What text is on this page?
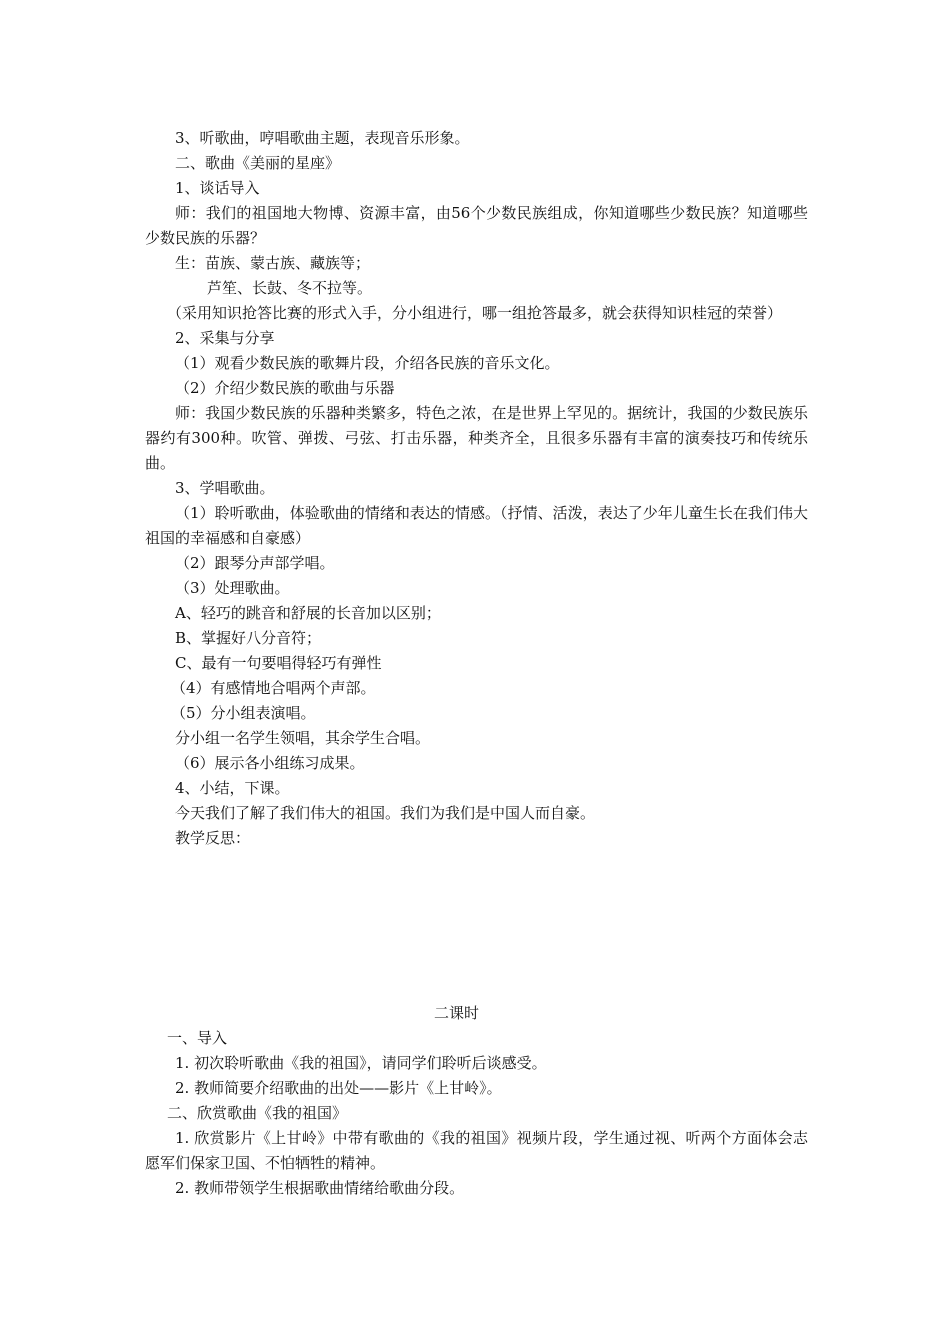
3、听歌曲，哼唱歌曲主题，表现音乐形象。
二、歌曲《美丽的星座》
1、谈话导入
师：我们的祖国地大物博、资源丰富，由56个少数民族组成，你知道哪些少数民族？知道哪些少数民族的乐器？
生：苗族、蒙古族、藏族等；
芦笙、长鼓、冬不拉等。
（采用知识抢答比赛的形式入手，分小组进行，哪一组抢答最多，就会获得知识桂冠的荣誉）
2、采集与分享
（1）观看少数民族的歌舞片段，介绍各民族的音乐文化。
（2）介绍少数民族的歌曲与乐器
师：我国少数民族的乐器种类繁多，特色之浓，在是世界上罕见的。据统计，我国的少数民族乐器约有300种。吹管、弹拨、弓弦、打击乐器，种类齐全，且很多乐器有丰富的演奏技巧和传统乐曲。
3、学唱歌曲。
（1）聆听歌曲，体验歌曲的情绪和表达的情感。（抒情、活泼，表达了少年儿童生长在我们伟大祖国的幸福感和自豪感）
（2）跟琴分声部学唱。
（3）处理歌曲。
A、轻巧的跳音和舒展的长音加以区别；
B、掌握好八分音符；
C、最有一句要唱得轻巧有弹性
（4）有感情地合唱两个声部。
（5）分小组表演唱。
分小组一名学生领唱，其余学生合唱。
（6）展示各小组练习成果。
4、小结，下课。
今天我们了解了我们伟大的祖国。我们为我们是中国人而自豪。
教学反思：
二课时
一、导入
1. 初次聆听歌曲《我的祖国》，请同学们聆听后谈感受。
2. 教师简要介绍歌曲的出处——影片《上甘岭》。
二、欣赏歌曲《我的祖国》
1. 欣赏影片《上甘岭》中带有歌曲的《我的祖国》视频片段，学生通过视、听两个方面体会志愿军们保家卫国、不怕牺牲的精神。
2. 教师带领学生根据歌曲情绪给歌曲分段。
